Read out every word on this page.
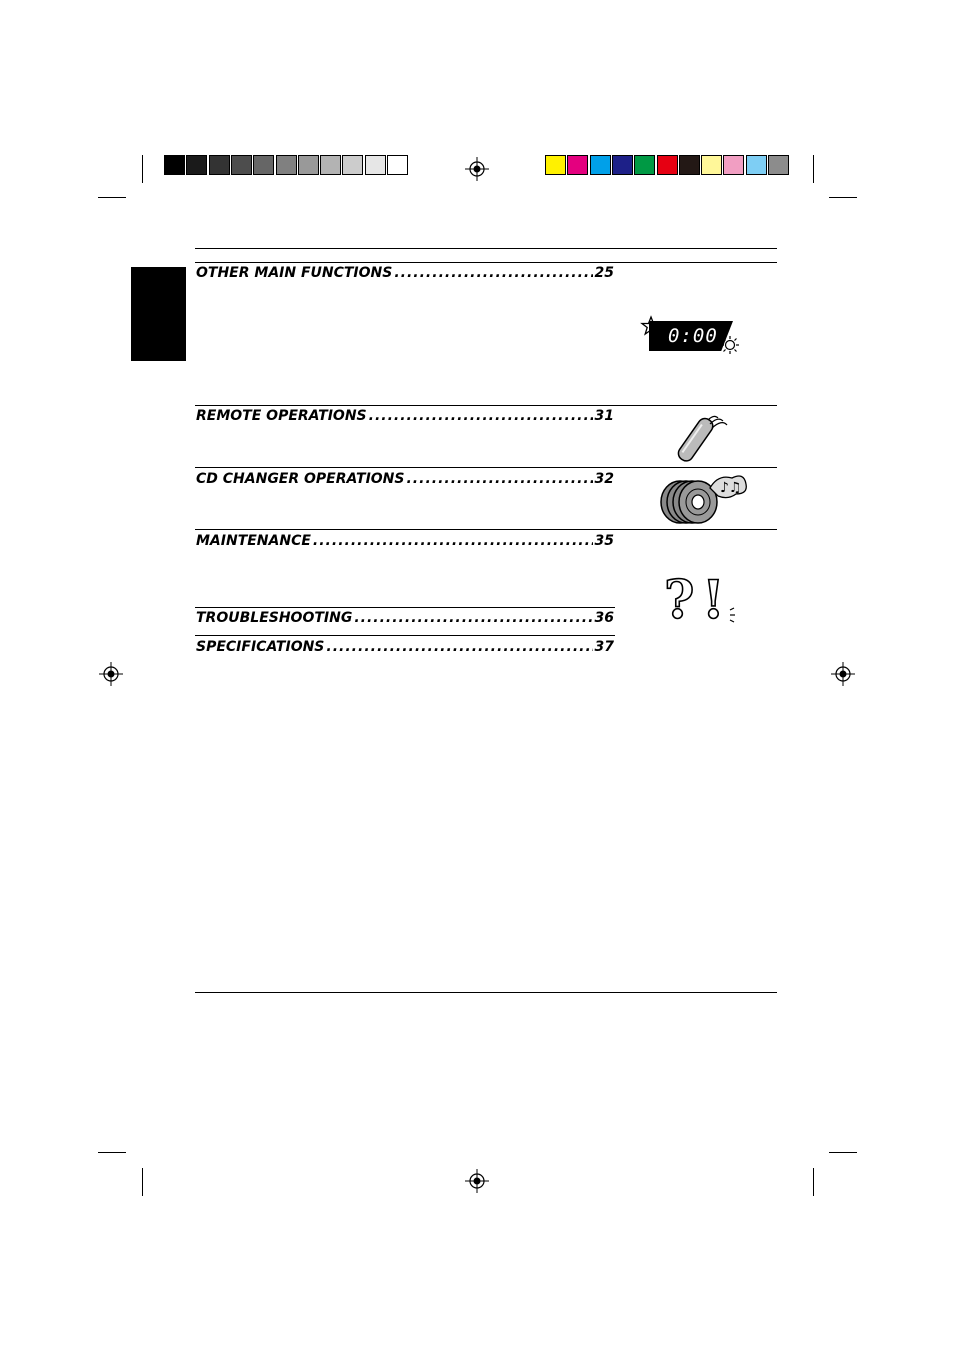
OTHER MAIN FUNCTIONS .....	25
REMOTE OPERATIONS .....	31
CD CHANGER OPERATIONS .....	32
MAINTENANCE .....	35
TROUBLESHOOTING .....	36
SPECIFICATIONS .....	37
0:00
♪♫
? !
